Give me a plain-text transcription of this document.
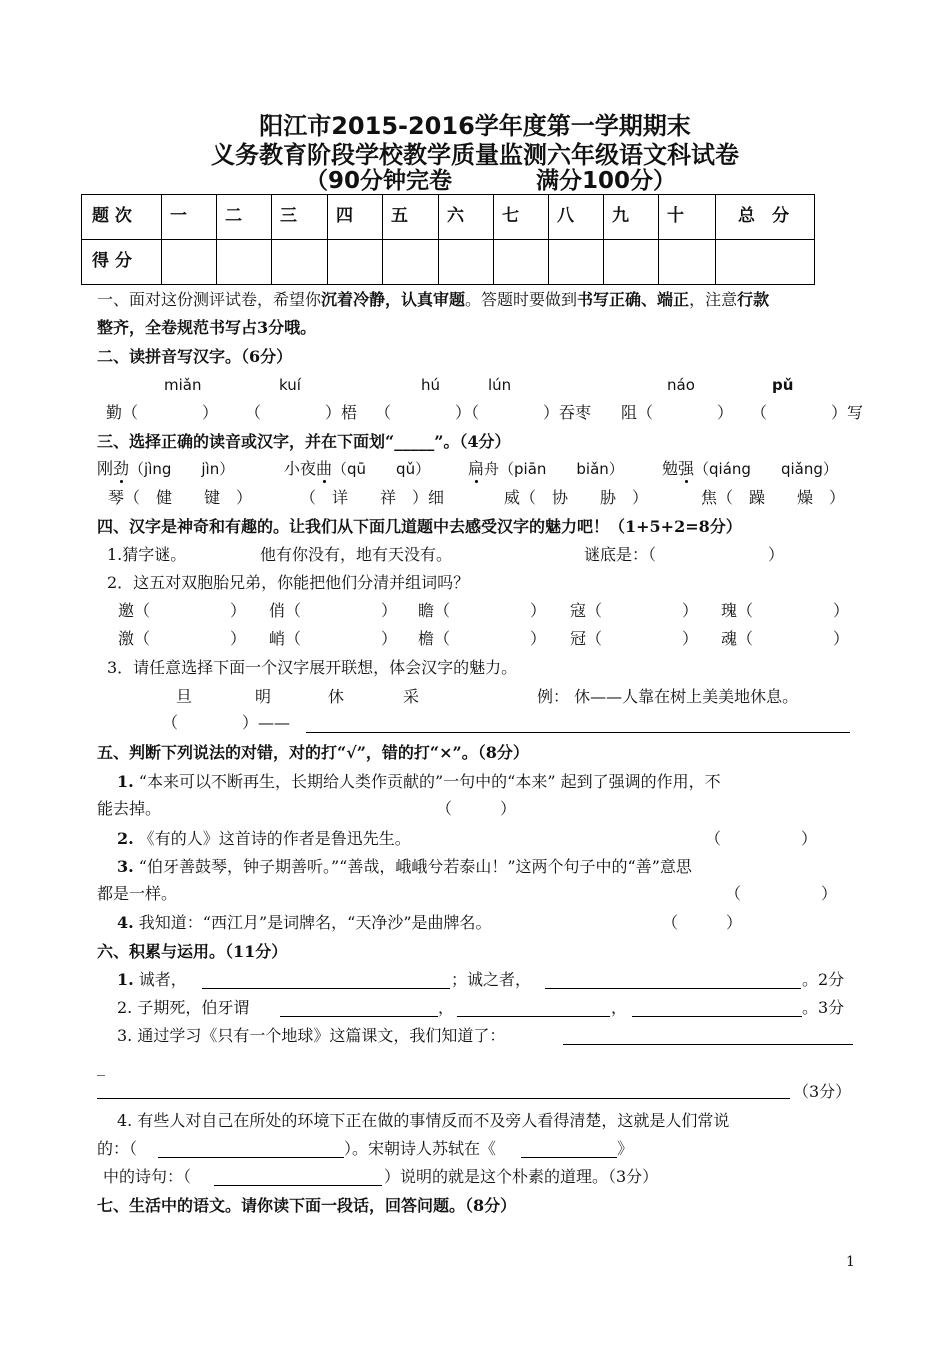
阳江市2015-2016学年度第一学期期末
义务教育阶段学校教学质量监测六年级语文科试卷
（90分钟完卷	满分100分）
题 次	一	二	三	四	五	六	七	八	九	十	总　分
得 分											
一、面对这份测评试卷，希望你沉着冷静，认真审题。答题时要做到书写正确、端正，注意行款
整齐，全卷规范书写占3分哦。
二、读拼音写汉字。（6分）
miǎn	kuí	hú	lún	náo	pǔ
勤（　　　　） （　　　　）梧 （　　　　）（　　　　）吞枣 阻（　　　　） （　　　　）写
三、选择正确的读音或汉字，并在下面划“_____”。（4分）
刚劲（jìng　　jìn）	小夜曲（qū　　qǔ） 扁舟（piān　　biǎn） 勉强（qiáng　　qiǎng）
琴（　健　　键　）	（　详　　祥　）细	威（　协　　胁　）	焦（　躁　　燥　）
四、汉字是神奇和有趣的。让我们从下面几道题中去感受汉字的魅力吧！（1+5+2=8分）
1.猜字谜。	他有你没有，地有天没有。	谜底是：（　　　　　　　）
2．这五对双胞胎兄弟，你能把他们分清并组词吗？
邀（　　　　　） 俏（　　　　　） 瞻（　　　　　） 寇（　　　　　） 瑰（　　　　　）
激（　　　　　） 峭（　　　　　） 檐（　　　　　） 冠（　　　　　） 魂（　　　　　）
3．请任意选择下面一个汉字展开联想，体会汉字的魅力。
旦	明	休	采	例： 休——人靠在树上美美地休息。
（　　　　）——
五、判断下列说法的对错，对的打“√”，错的打“×”。（8分）
1. “本来可以不断再生，长期给人类作贡献的”一句中的“本来” 起到了强调的作用，不
能去掉。	（　　　）
2. 《有的人》这首诗的作者是鲁迅先生。	（　　　　　）
3. “伯牙善鼓琴，钟子期善听。”“善哉，峨峨兮若泰山！”这两个句子中的“善”意思
都是一样。	（　　　　　）
4. 我知道：“西江月”是词牌名，“天净沙”是曲牌名。	（　　　）
六、积累与运用。（11分）
1. 诚者，	；诚之者，	。2分
2. 子期死，伯牙谓	，	，	。3分
3. 通过学习《只有一个地球》这篇课文，我们知道了：
_
（3分）
4. 有些人对自己在所处的环境下正在做的事情反而不及旁人看得清楚，这就是人们常说
的：（	）。宋朝诗人苏轼在《	》
中的诗句：（	）说明的就是这个朴素的道理。（3分）
七、生活中的语文。请你读下面一段话，回答问题。（8分）
1
